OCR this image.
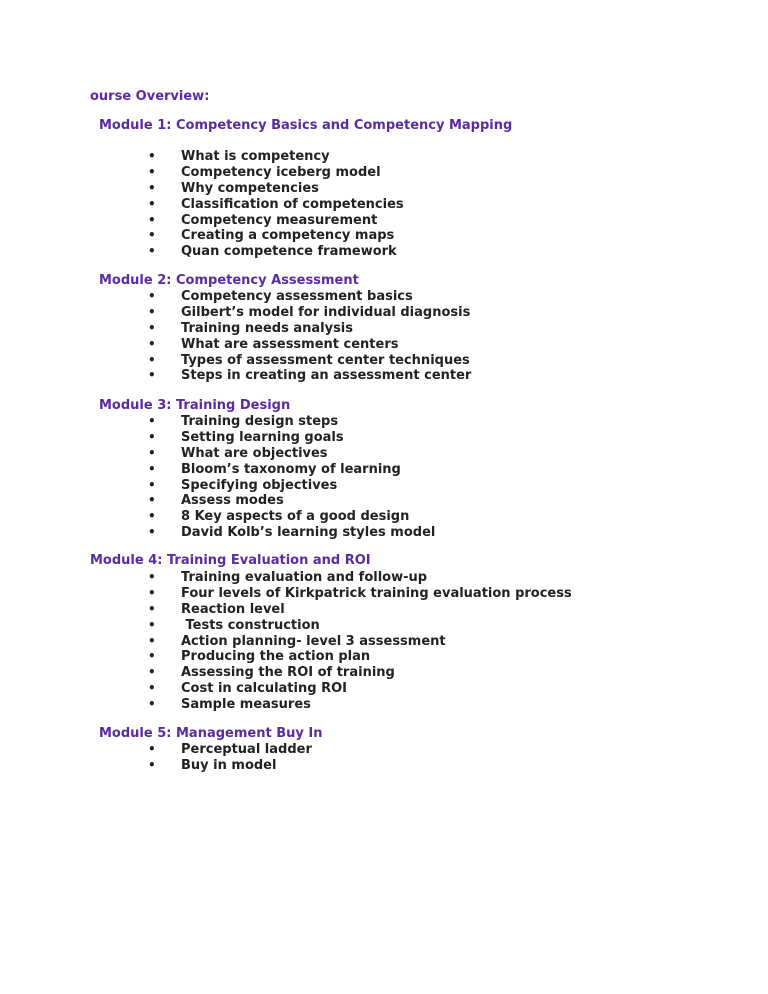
ourse Overview:
Module 1: Competency Basics and Competency Mapping
• What is competency
• Competency iceberg model
• Why competencies
• Classification of competencies
• Competency measurement
• Creating a competency maps
• Quan competence framework
Module 2: Competency Assessment
• Competency assessment basics
• Gilbert’s model for individual diagnosis
• Training needs analysis
• What are assessment centers
• Types of assessment center techniques
• Steps in creating an assessment center
Module 3: Training Design
• Training design steps
• Setting learning goals
• What are objectives
• Bloom’s taxonomy of learning
• Specifying objectives
• Assess modes
• 8 Key aspects of a good design
• David Kolb’s learning styles model
Module 4: Training Evaluation and ROI
• Training evaluation and follow-up
• Four levels of Kirkpatrick training evaluation process
• Reaction level
• Tests construction
• Action planning- level 3 assessment
• Producing the action plan
• Assessing the ROI of training
• Cost in calculating ROI
• Sample measures
Module 5: Management Buy In
• Perceptual ladder
• Buy in model
